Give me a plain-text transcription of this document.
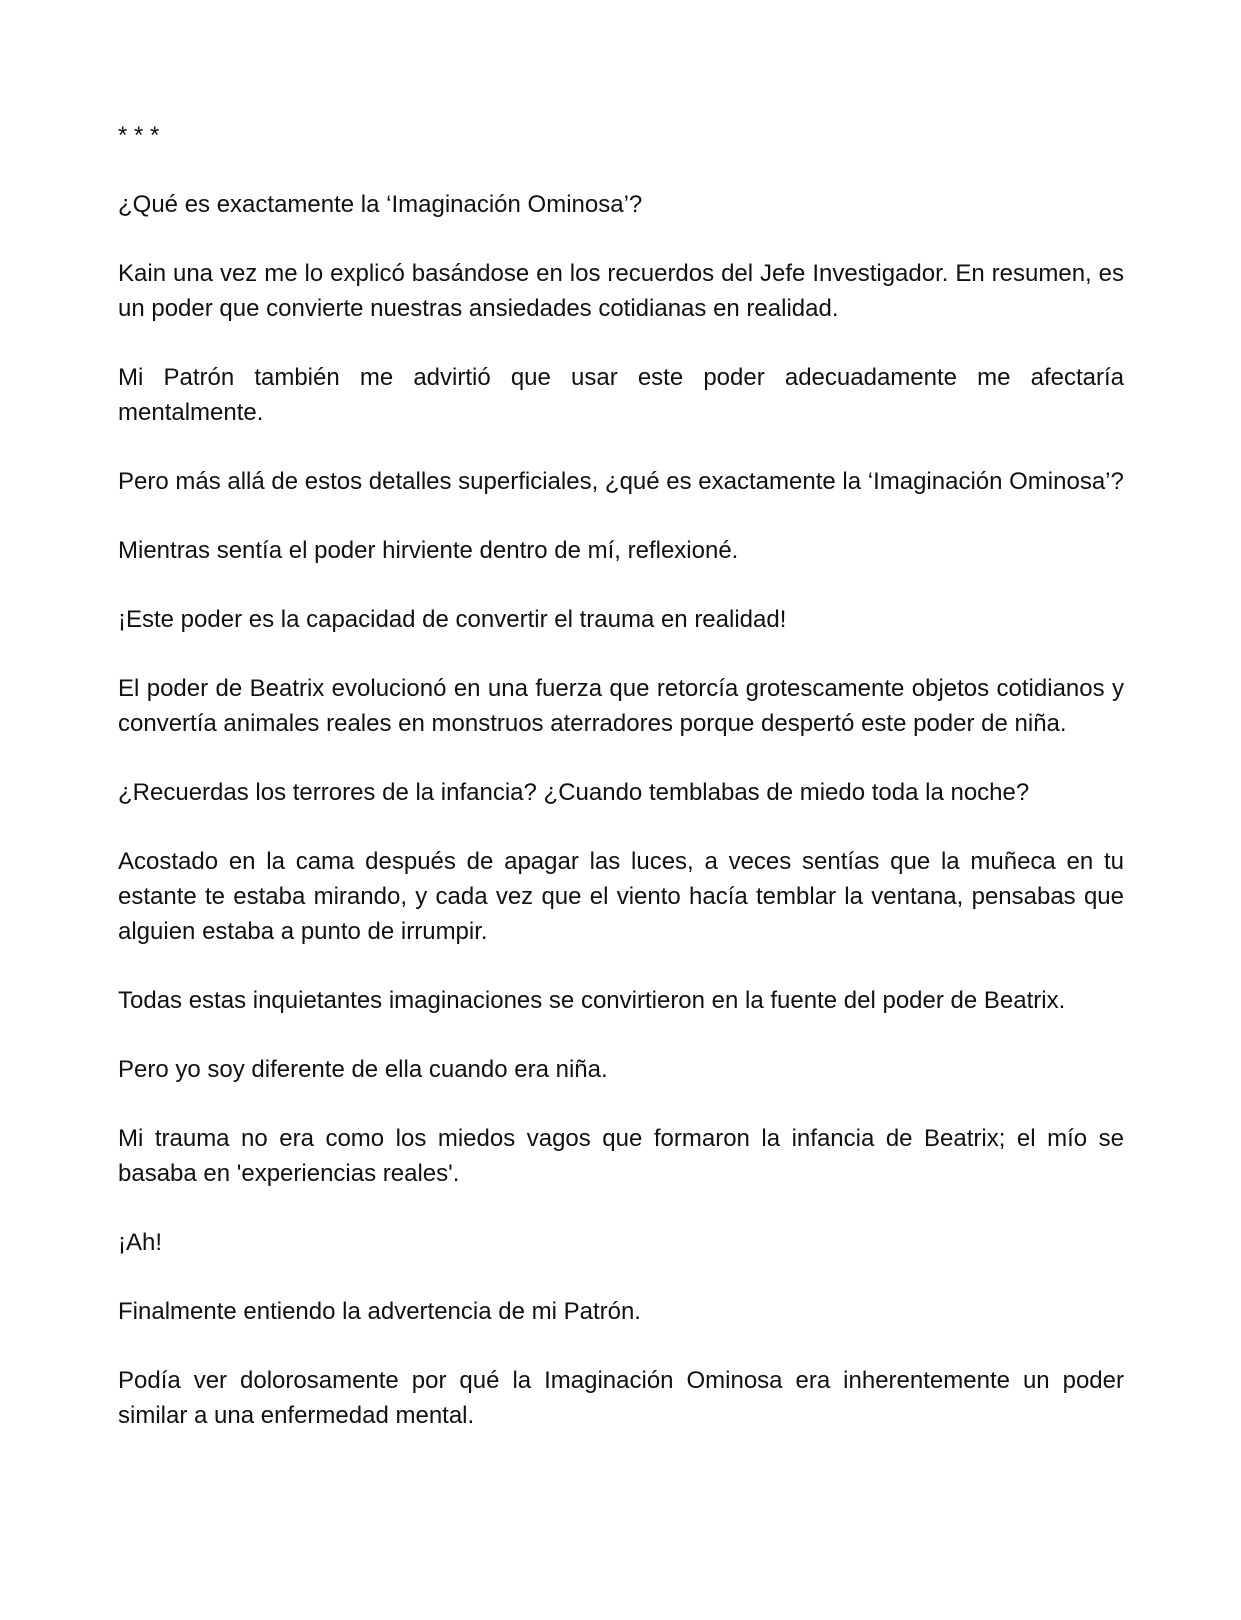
* * *

¿Qué es exactamente la ‘Imaginación Ominosa’?

Kain una vez me lo explicó basándose en los recuerdos del Jefe Investigador. En resumen, es un poder que convierte nuestras ansiedades cotidianas en realidad.

Mi Patrón también me advirtió que usar este poder adecuadamente me afectaría mentalmente.

Pero más allá de estos detalles superficiales, ¿qué es exactamente la ‘Imaginación Ominosa’?

Mientras sentía el poder hirviente dentro de mí, reflexioné.

¡Este poder es la capacidad de convertir el trauma en realidad!

El poder de Beatrix evolucionó en una fuerza que retorcía grotescamente objetos cotidianos y convertía animales reales en monstruos aterradores porque despertó este poder de niña.

¿Recuerdas los terrores de la infancia? ¿Cuando temblabas de miedo toda la noche?

Acostado en la cama después de apagar las luces, a veces sentías que la muñeca en tu estante te estaba mirando, y cada vez que el viento hacía temblar la ventana, pensabas que alguien estaba a punto de irrumpir.

Todas estas inquietantes imaginaciones se convirtieron en la fuente del poder de Beatrix.

Pero yo soy diferente de ella cuando era niña.

Mi trauma no era como los miedos vagos que formaron la infancia de Beatrix; el mío se basaba en 'experiencias reales'.

¡Ah!

Finalmente entiendo la advertencia de mi Patrón.

Podía ver dolorosamente por qué la Imaginación Ominosa era inherentemente un poder similar a una enfermedad mental.
